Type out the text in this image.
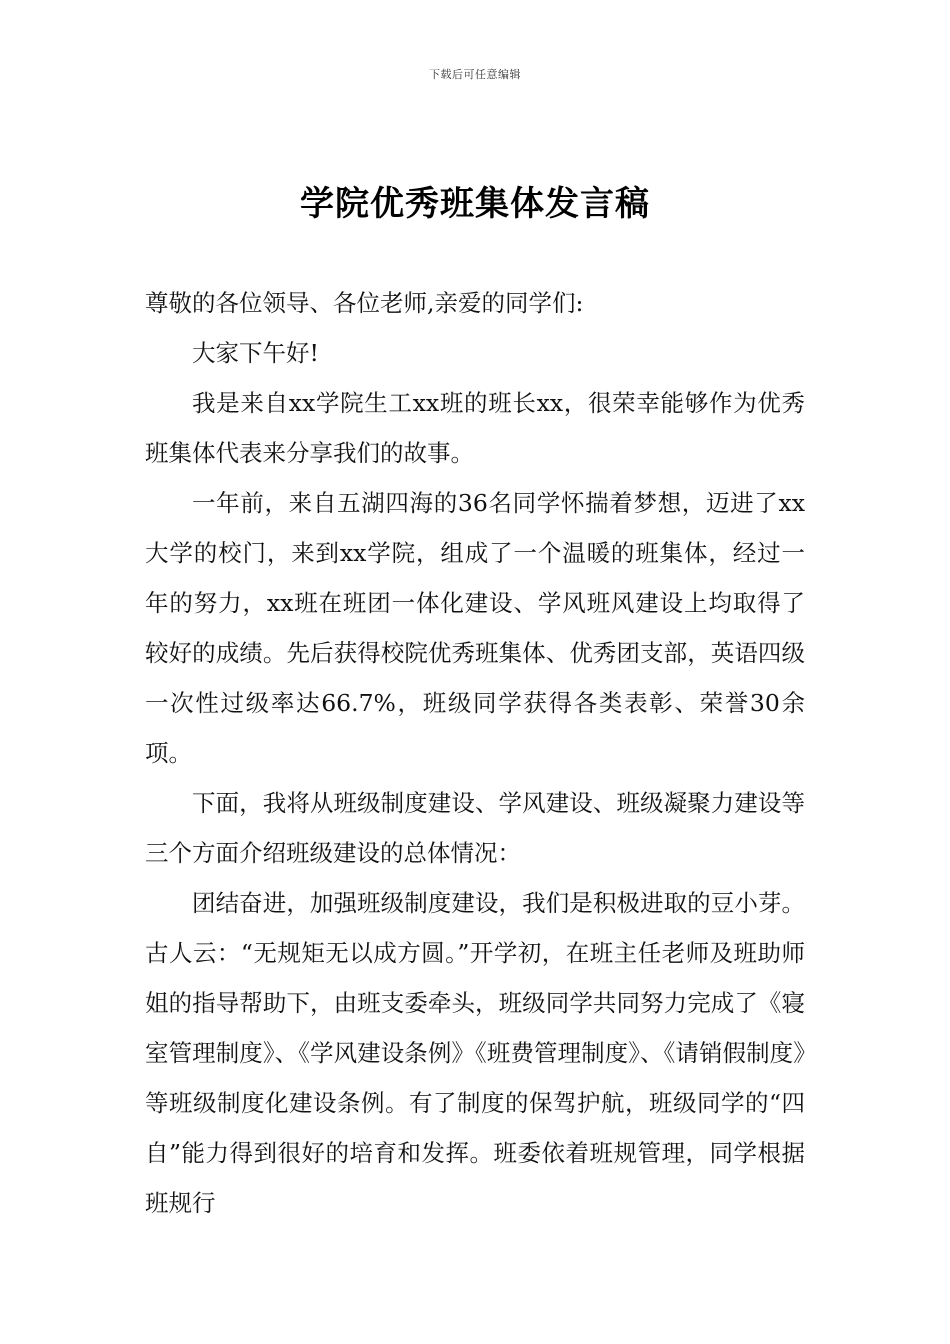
下载后可任意编辑
学院优秀班集体发言稿

尊敬的各位领导、各位老师,亲爱的同学们:

大家下午好!

我是来自xx学院生工xx班的班长xx，很荣幸能够作为优秀班集体代表来分享我们的故事。

一年前，来自五湖四海的36名同学怀揣着梦想，迈进了xx大学的校门，来到xx学院，组成了一个温暖的班集体，经过一年的努力，xx班在班团一体化建设、学风班风建设上均取得了较好的成绩。先后获得校院优秀班集体、优秀团支部，英语四级一次性过级率达66.7%，班级同学获得各类表彰、荣誉30余项。

下面，我将从班级制度建设、学风建设、班级凝聚力建设等三个方面介绍班级建设的总体情况：

团结奋进，加强班级制度建设，我们是积极进取的豆小芽。古人云：“无规矩无以成方圆。”开学初，在班主任老师及班助师姐的指导帮助下，由班支委牵头，班级同学共同努力完成了《寝室管理制度》、《学风建设条例》《班费管理制度》、《请销假制度》等班级制度化建设条例。有了制度的保驾护航，班级同学的“四自”能力得到很好的培育和发挥。班委依着班规管理，同学根据班规行
